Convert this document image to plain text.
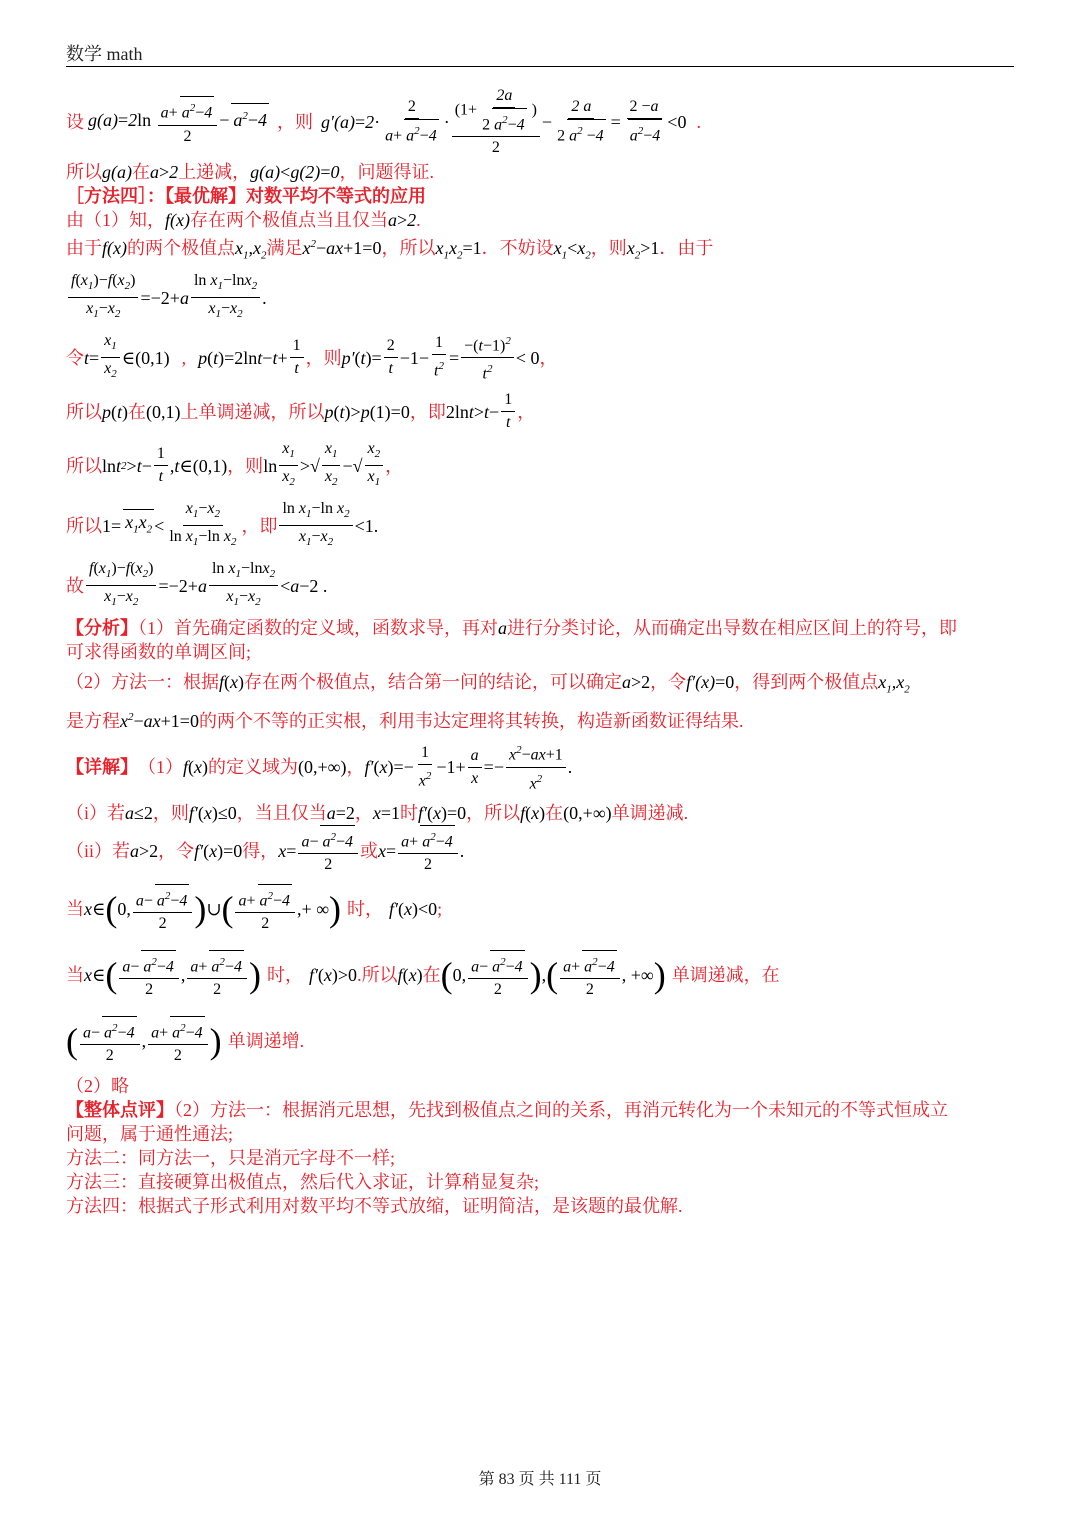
数学 math
设 $g(a)=2\ln \frac{a+ a^2-4}{2} - a^2-4$ ，则 $g'(a) = 2 \cdot \frac{2}{a+ a^2-4} \cdot \frac{(1+ \frac{2a}{2 a^2-4} )}{2} - \frac{2 a}{2 a^2 -4} = \frac{2 -a}{a^2-4} <0$ .
所以g(a)在a>2上递减，g(a)<g(2)=0，问题得证.
［方法四］：【最优解】对数平均不等式的应用
由（1）知，f(x)存在两个极值点当且仅当a>2.
由于f(x)的两个极值点$x_1,x_2$满足$x^2-ax+1=0$，所以$x_1x_2=1$．不妨设$x_1<x_2$，则$x_2>1$．由于
$\frac{f(x_1)-f(x_2)}{x_1-x_2} =-2+ a \frac{\ln x_1-\ln x_2}{x_1-x_2}$ .
令 $t = \frac{x_1}{x_2}$ ∈(0,1) , p ( t )=2ln $t - t + \frac{1}{t}$ ，则 p′ ( t )= $\frac{2}{t} -1- \frac{1}{t^2} = \frac{-(t-1)^2}{t^2} < 0$ ，
所以 p(t) 在 (0,1) 上单调递减，所以 p(t)>p(1)=0 ，即 2ln $t > t - \frac{1}{t}$ ，
所以 ln t $2 > t - \frac{1}{t}$ , t ∈(0,1) ，则 $\ln \frac{x_1}{x_2}$ > √ $\frac{x_1}{x_2}$ −√ $\frac{x_2}{x_1}$ ，
所以 $1= x_1x_2 < \frac{x_1-x_2}{\ln x_1-\ln x_2}$ ，即 $\frac{\ln x_1-\ln x_2}{x_1-x_2} <1$.
故 $\frac{f(x_1)-f(x_2)}{x_1-x_2} =-2+ a \frac{\ln x_1-\ln x_2}{x_1-x_2} < a -2$ .
【分析】（1）首先确定函数的定义域，函数求导，再对a进行分类讨论，从而确定出导数在相应区间上的符号，即
可求得函数的单调区间;
（2）方法一：根据f(x)存在两个极值点，结合第一问的结论，可以确定a>2，令f′(x)=0，得到两个极值点$x_1,x_2$
是方程$x^2-ax+1=0$的两个不等的正实根，利用韦达定理将其转换，构造新函数证得结果.
【详解】 （1） f(x) 的定义域为 (0,+∞) ， f′ ( x )=− $\frac{1}{x^2} -1+ \frac{a}{x} =- \frac{x^2-ax+1}{x^2}$ .
（i）若a≤2，则f′(x)≤0，当且仅当a=2，x=1时f′(x)=0，所以f(x)在(0,+∞)单调递减.
（ii）若 a>2 ，令 f′(x)=0 得， $x = \frac{a- a^2-4}{2}$ 或 $x = \frac{a+ a^2-4}{2}$ .
当 x ∈ ( 0, $\frac{a- a^2-4}{2}$ ) ∪ ( $\frac{a+ a^2-4}{2}$ ,+ ∞ ) 时， f′(x)<0 ;
当 x ∈ ( $\frac{a- a^2-4}{2}$ , $\frac{a+ a^2-4}{2}$ ) 时， f′(x)>0 .所以 f(x) 在 ( 0, $\frac{a- a^2-4}{2}$ ) , ( $\frac{a+ a^2-4}{2}$ , +∞ ) 单调递减，在
( $\frac{a- a^2-4}{2}$ , $\frac{a+ a^2-4}{2}$ ) 单调递增.
（2）略
【整体点评】（2）方法一：根据消元思想，先找到极值点之间的关系，再消元转化为一个未知元的不等式恒成立
问题，属于通性通法;
方法二：同方法一，只是消元字母不一样;
方法三：直接硬算出极值点，然后代入求证，计算稍显复杂;
方法四：根据式子形式利用对数平均不等式放缩，证明简洁，是该题的最优解.
第 83 页 共 111 页
